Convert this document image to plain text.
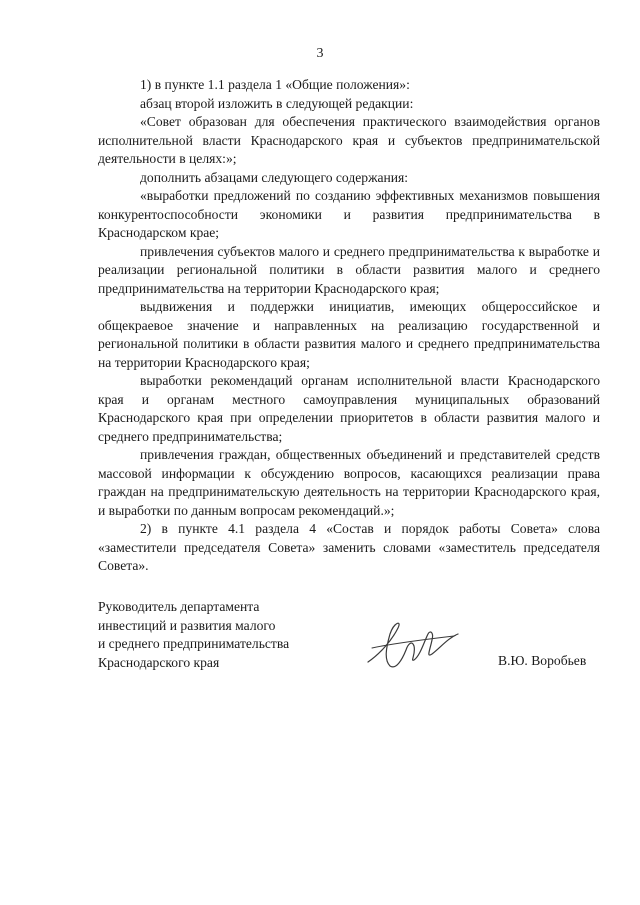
3

1) в пункте 1.1 раздела 1 «Общие положения»:

абзац второй изложить в следующей редакции:

«Совет образован для обеспечения практического взаимодействия органов исполнительной власти Краснодарского края и субъектов предпринимательской деятельности в целях:»;

дополнить абзацами следующего содержания:

«выработки предложений по созданию эффективных механизмов повышения конкурентоспособности экономики и развития предпринимательства в Краснодарском крае;

привлечения субъектов малого и среднего предпринимательства к выработке и реализации региональной политики в области развития малого и среднего предпринимательства на территории Краснодарского края;

выдвижения и поддержки инициатив, имеющих общероссийское и общекраевое значение и направленных на реализацию государственной и региональной политики в области развития малого и среднего предпринимательства на территории Краснодарского края;

выработки рекомендаций органам исполнительной власти Краснодарского края и органам местного самоуправления муниципальных образований Краснодарского края при определении приоритетов в области развития малого и среднего предпринимательства;

привлечения граждан, общественных объединений и представителей средств массовой информации к обсуждению вопросов, касающихся реализации права граждан на предпринимательскую деятельность на территории Краснодарского края, и выработки по данным вопросам рекомендаций.»;

2) в пункте 4.1 раздела 4 «Состав и порядок работы Совета» слова «заместители председателя Совета» заменить словами «заместитель председателя Совета».

Руководитель департамента
инвестиций и развития малого
и среднего предпринимательства
Краснодарского края	В.Ю. Воробьев
